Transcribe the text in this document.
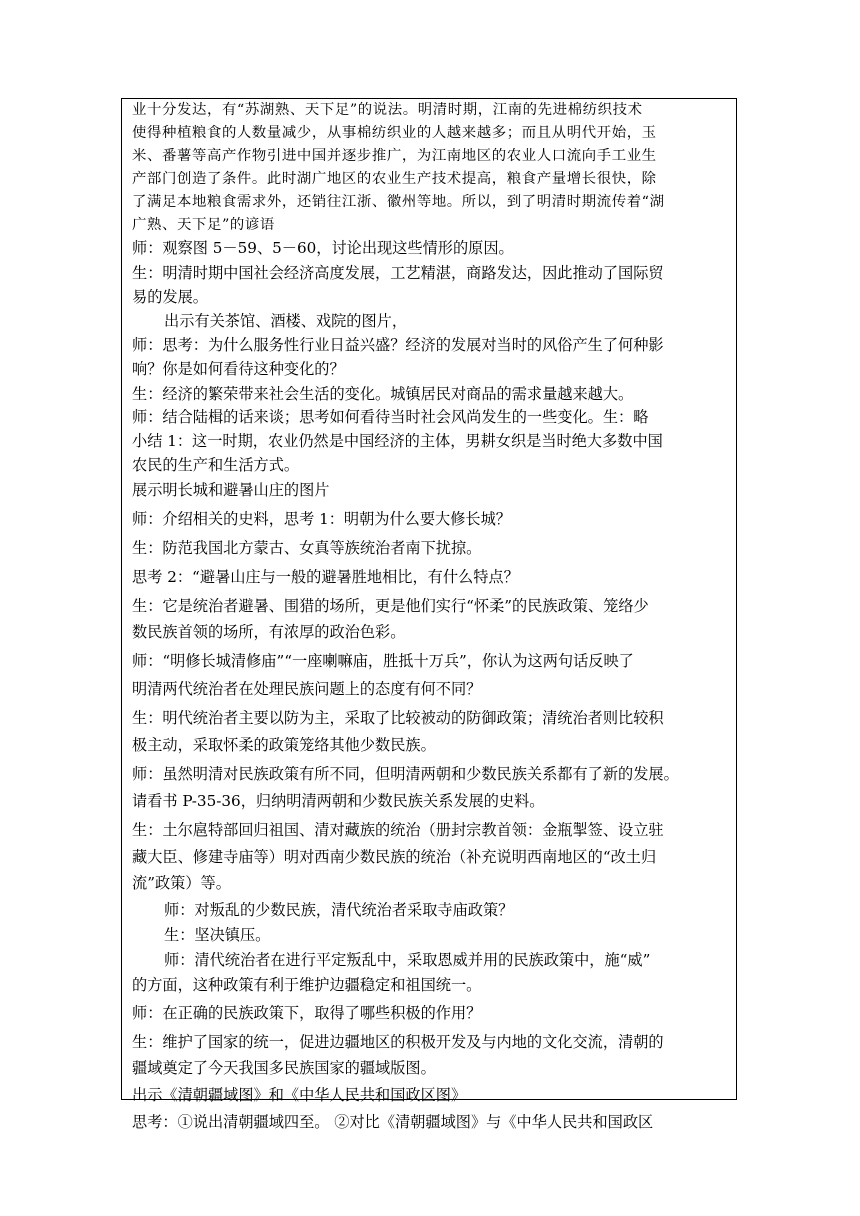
业十分发达，有“苏湖熟、天下足”的说法。明清时期，江南的先进棉纺织技术
使得种植粮食的人数量减少，从事棉纺织业的人越来越多；而且从明代开始，玉
米、番薯等高产作物引进中国并逐步推广，为江南地区的农业人口流向手工业生
产部门创造了条件。此时湖广地区的农业生产技术提高，粮食产量增长很快，除
了满足本地粮食需求外，还销往江浙、徽州等地。所以，到了明清时期流传着“湖
广熟、天下足”的谚语
师：观察图 5－59、5－60，讨论出现这些情形的原因。
生：明清时期中国社会经济高度发展，工艺精湛，商路发达，因此推动了国际贸
易的发展。
出示有关茶馆、酒楼、戏院的图片，
师：思考：为什么服务性行业日益兴盛？经济的发展对当时的风俗产生了何种影
响？你是如何看待这种变化的？
生：经济的繁荣带来社会生活的变化。城镇居民对商品的需求量越来越大。
师：结合陆楫的话来谈；思考如何看待当时社会风尚发生的一些变化。生：略
小结 1：这一时期，农业仍然是中国经济的主体，男耕女织是当时绝大多数中国
农民的生产和生活方式。
展示明长城和避暑山庄的图片
师：介绍相关的史料，思考 1：明朝为什么要大修长城？
生：防范我国北方蒙古、女真等族统治者南下扰掠。
思考 2：“避暑山庄与一般的避暑胜地相比，有什么特点？
生：它是统治者避暑、围猎的场所，更是他们实行“怀柔”的民族政策、笼络少
数民族首领的场所，有浓厚的政治色彩。
师：“明修长城清修庙”“一座喇嘛庙，胜抵十万兵”，你认为这两句话反映了
明清两代统治者在处理民族问题上的态度有何不同？
生：明代统治者主要以防为主，采取了比较被动的防御政策；清统治者则比较积
极主动，采取怀柔的政策笼络其他少数民族。
师：虽然明清对民族政策有所不同，但明清两朝和少数民族关系都有了新的发展。
请看书 P-35-36，归纳明清两朝和少数民族关系发展的史料。
生：土尔扈特部回归祖国、清对藏族的统治（册封宗教首领：金瓶掣签、设立驻
藏大臣、修建寺庙等）明对西南少数民族的统治（补充说明西南地区的“改土归
流”政策）等。
师：对叛乱的少数民族，清代统治者采取寺庙政策？
生：坚决镇压。
师：清代统治者在进行平定叛乱中，采取恩威并用的民族政策中，施“威”
的方面，这种政策有利于维护边疆稳定和祖国统一。
师：在正确的民族政策下，取得了哪些积极的作用？
生：维护了国家的统一，促进边疆地区的积极开发及与内地的文化交流，清朝的
疆域奠定了今天我国多民族国家的疆域版图。
出示《清朝疆域图》和《中华人民共和国政区图》
思考：①说出清朝疆域四至。 ②对比《清朝疆域图》与《中华人民共和国政区
